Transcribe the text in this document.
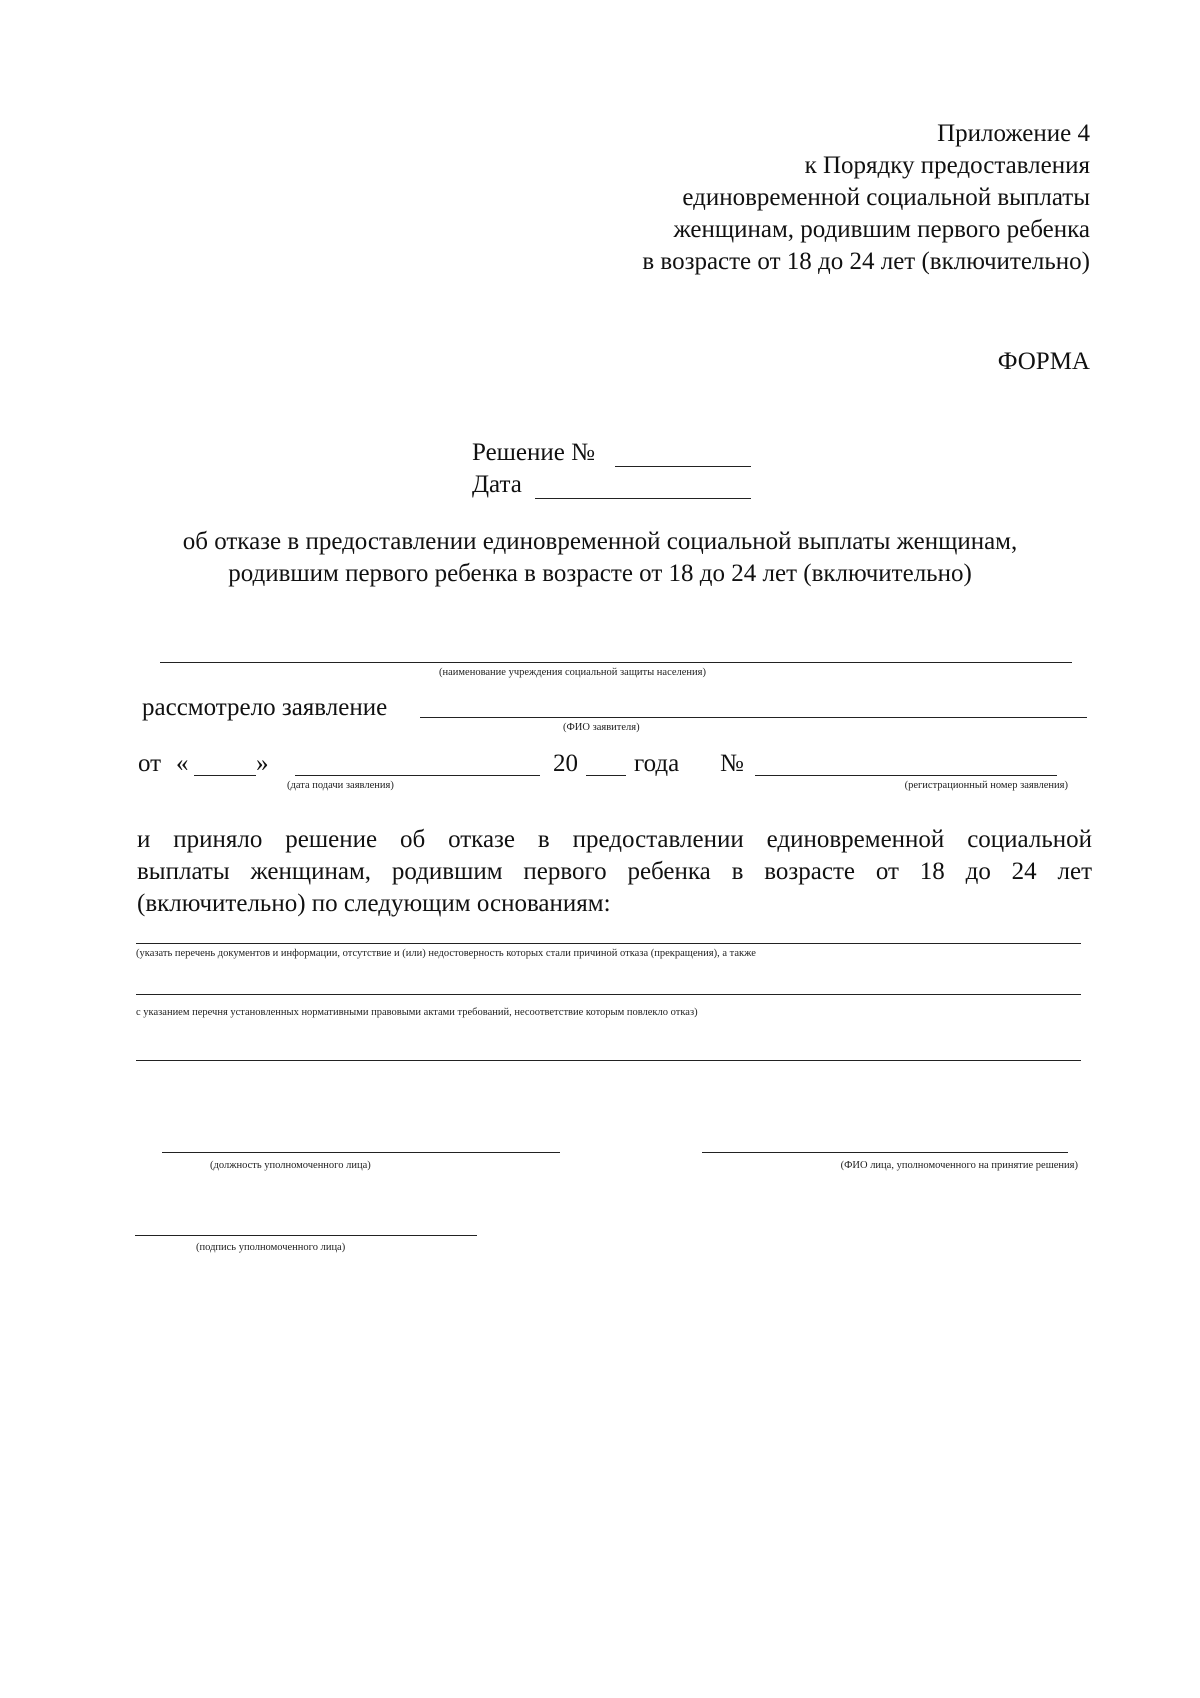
Приложение 4
к Порядку предоставления
единовременной социальной выплаты
женщинам, родившим первого ребенка
в возрасте от 18 до 24 лет (включительно)
ФОРМА
Решение №
Дата
об отказе в предоставлении единовременной социальной выплаты женщинам,
родившим первого ребенка в возрасте от 18 до 24 лет (включительно)
(наименование учреждения социальной защиты населения)
рассмотрело заявление
(ФИО заявителя)
от «	»
(дата подачи заявления)
20 года №
(регистрационный номер заявления)
и приняло решение об отказе в предоставлении единовременной социальной
выплаты женщинам, родившим первого ребенка в возрасте от 18 до 24 лет
(включительно) по следующим основаниям:
(указать перечень документов и информации, отсутствие и (или) недостоверность которых стали причиной отказа (прекращения), а также
с указанием перечня установленных нормативными правовыми актами требований, несоответствие которым повлекло отказ)
(должность уполномоченного лица)	(ФИО лица, уполномоченного на принятие решения)
(подпись уполномоченного лица)
